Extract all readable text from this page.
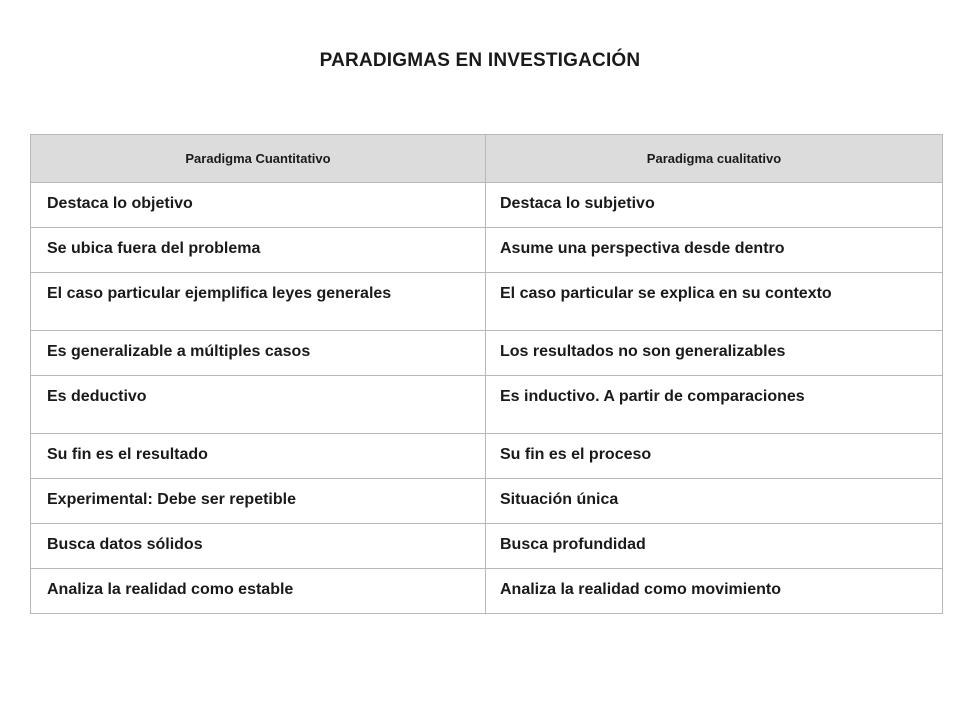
PARADIGMAS EN INVESTIGACIÓN
Paradigma Cuantitativo	Paradigma cualitativo
Destaca lo objetivo	Destaca lo subjetivo
Se ubica fuera del problema	Asume una perspectiva desde dentro
El caso particular ejemplifica leyes generales	El caso particular se explica en su contexto
Es generalizable a múltiples casos	Los resultados no son generalizables
Es deductivo	Es inductivo. A partir de comparaciones
Su fin es el resultado	Su fin es el proceso
Experimental: Debe ser repetible	Situación única
Busca datos sólidos	Busca profundidad
Analiza la realidad como estable	Analiza la realidad como movimiento
